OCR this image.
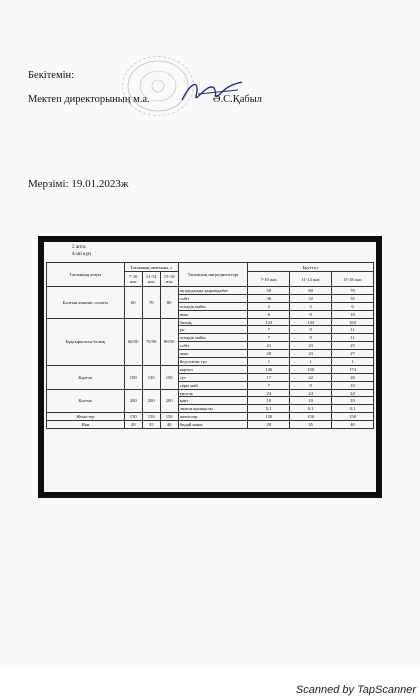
Бекітемін:
Мектеп директорының м.а.	Ә.С.Қабыл
Мерзімі: 19.01.2023ж
2 апта
4-ші күн
Тағамның атауы	Тағамның шығымы, г			Тағамның ингредиенттері	Брутто,г		
	7-10 жас	11-14 жас	15-18 жас		7-10 жас	11-14 жас	15-18 жас
Балғын көкөніс салаты	60	70	80	ақ қауданды қырыққабат	50	60	70
				сәбіз	36	32	35
				өсімдік майы	5	5	6
				пияз	6	8	10
Бұқтырылған балық	60/50	70/50	80/50	балық	123	143	163
				ұн	7	9	11
				өсімдік майы	7	9	11
				сәбіз	21	23	25
				пияз	20	23	27
				йодталған тұз	1	1	1
Картоп	100	130	150	картоп	126	150	174
				сүт	17	22	26
				сары май	7	9	10
Кисель	200	200	200	кисель	24	24	24
				қант	10	10	10
				лимон қышқылы	0,1	0,1	0,1
Жемістер	150	150	150	жемістер	150	150	150
Нан	20	35	40	бидай наны	20	35	40
Scanned by TapScanner
